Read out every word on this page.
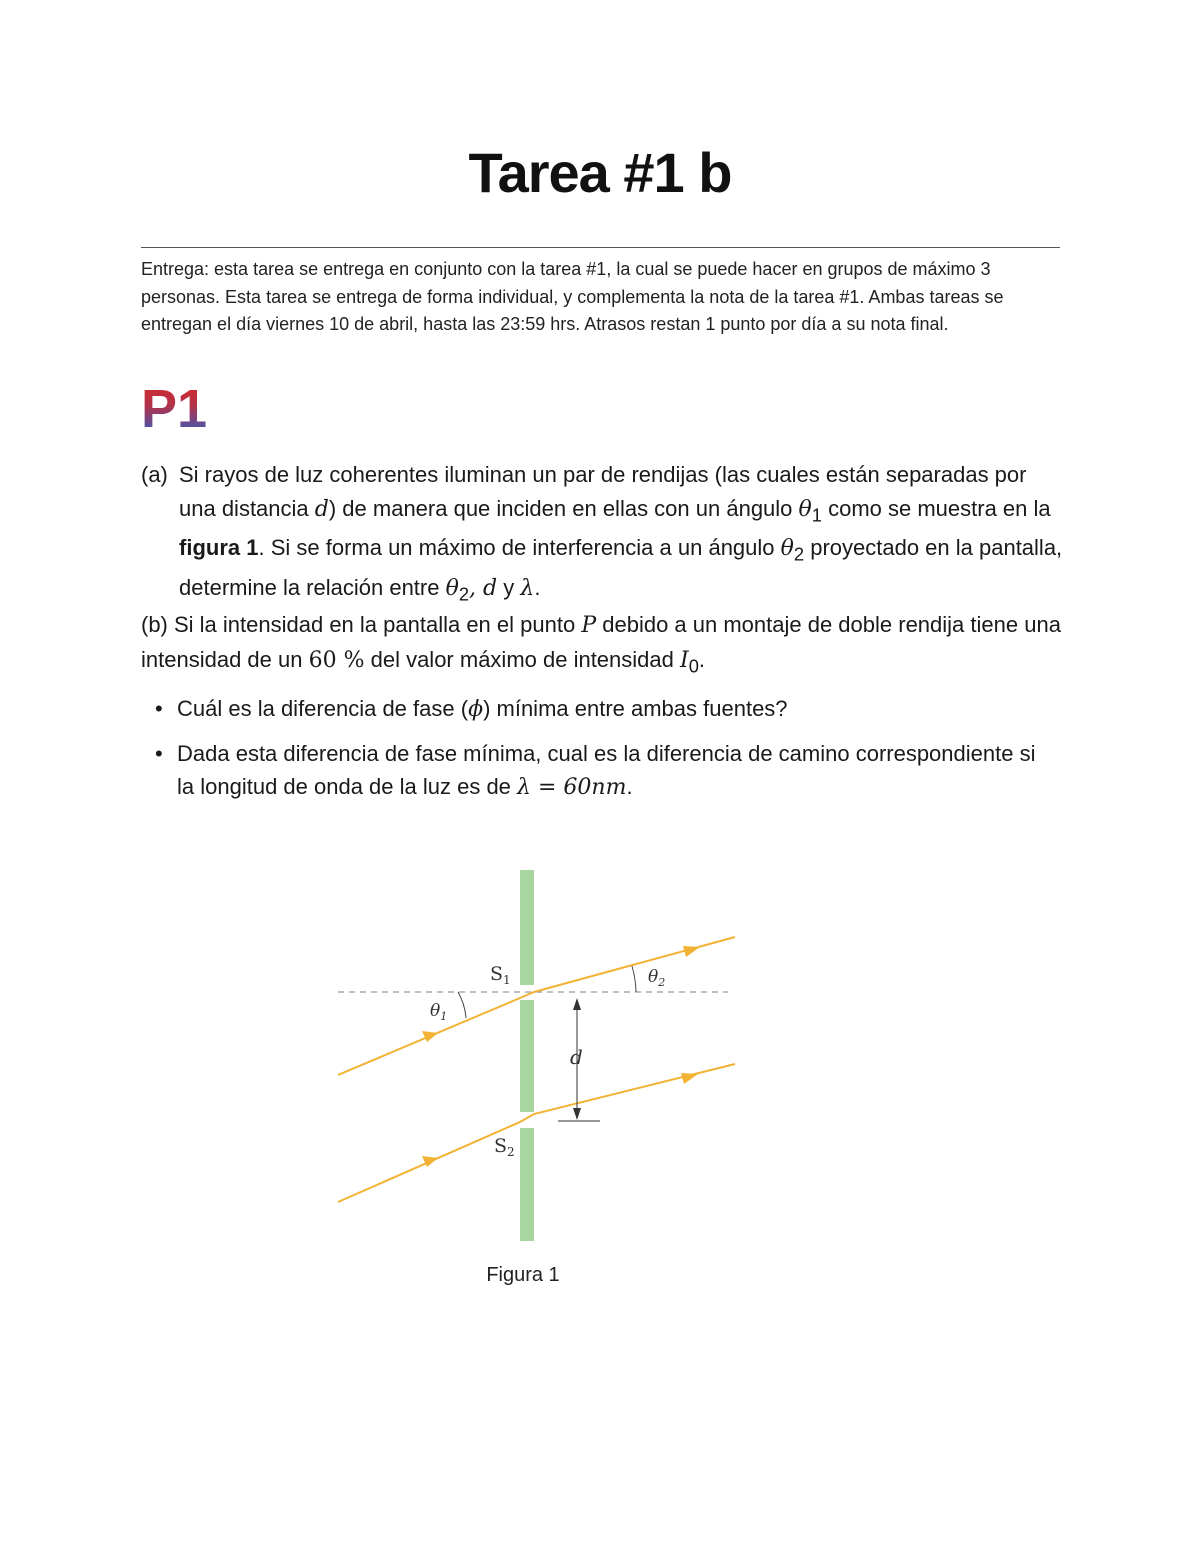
Tarea #1 b
Entrega: esta tarea se entrega en conjunto con la tarea #1, la cual se puede hacer en grupos de máximo 3 personas. Esta tarea se entrega de forma individual, y complementa la nota de la tarea #1. Ambas tareas se entregan el día viernes 10 de abril, hasta las 23:59 hrs. Atrasos restan 1 punto por día a su nota final.
P1
(a) Si rayos de luz coherentes iluminan un par de rendijas (las cuales están separadas por una distancia d) de manera que inciden en ellas con un ángulo $\theta_1$ como se muestra en la figura 1. Si se forma un máximo de interferencia a un ángulo $\theta_2$ proyectado en la pantalla, determine la relación entre $\theta_2$, d y λ.
(b) Si la intensidad en la pantalla en el punto P debido a un montaje de doble rendija tiene una intensidad de un 60 % del valor máximo de intensidad $I_0$.
• Cuál es la diferencia de fase (ϕ) mínima entre ambas fuentes?
• Dada esta diferencia de fase mínima, cual es la diferencia de camino correspondiente si la longitud de onda de la luz es de λ = 60nm.
$S_1$
$S_2$
$\theta_1$
$\theta_2$
d
Figura 1
